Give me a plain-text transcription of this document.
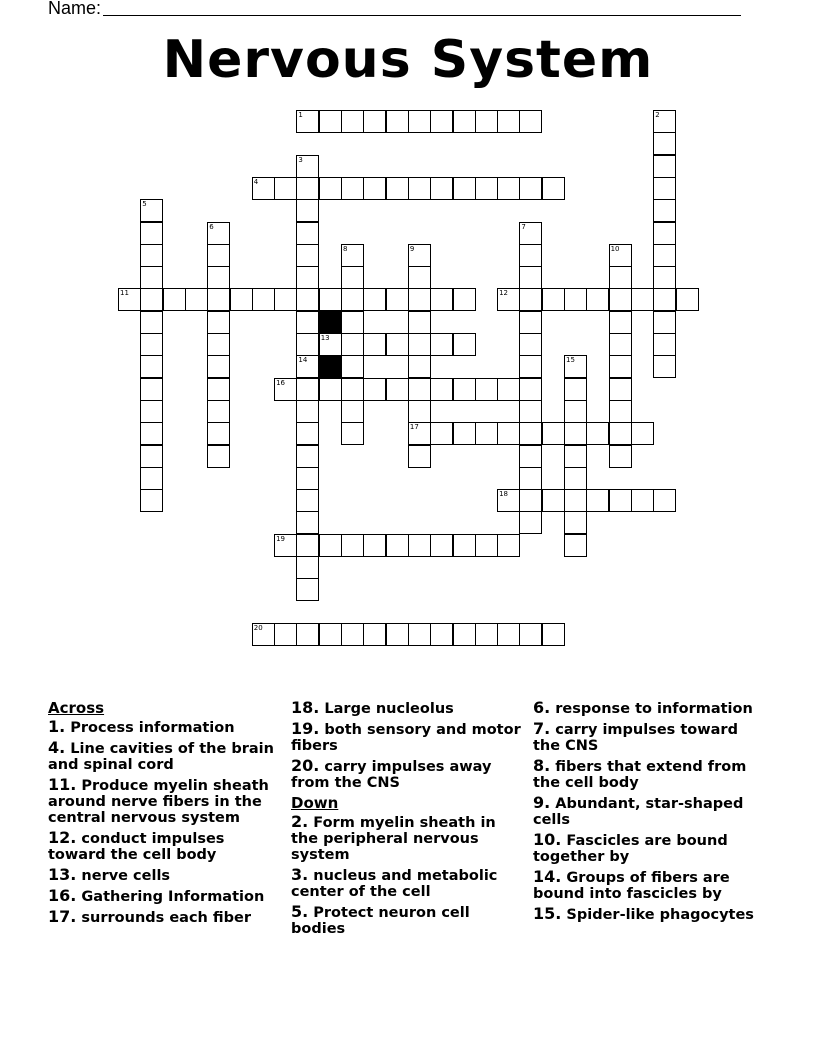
Name:
Nervous System
1	2
3
14
4
5
6	7
8	9
17
10
11	12
13
15
16
18
19
20
Across
1. Process information
4. Line cavities of the brain and spinal cord
11. Produce myelin sheath around nerve fibers in the central nervous system
12. conduct impulses toward the cell body
13. nerve cells
16. Gathering Information
17. surrounds each fiber
18. Large nucleolus
19. both sensory and motor fibers
20. carry impulses away from the CNS
Down
2. Form myelin sheath in the peripheral nervous system
3. nucleus and metabolic center of the cell
5. Protect neuron cell bodies
6. response to information
7. carry impulses toward the CNS
8. fibers that extend from the cell body
9. Abundant, star-shaped cells
10. Fascicles are bound together by
14. Groups of fibers are bound into fascicles by
15. Spider-like phagocytes
